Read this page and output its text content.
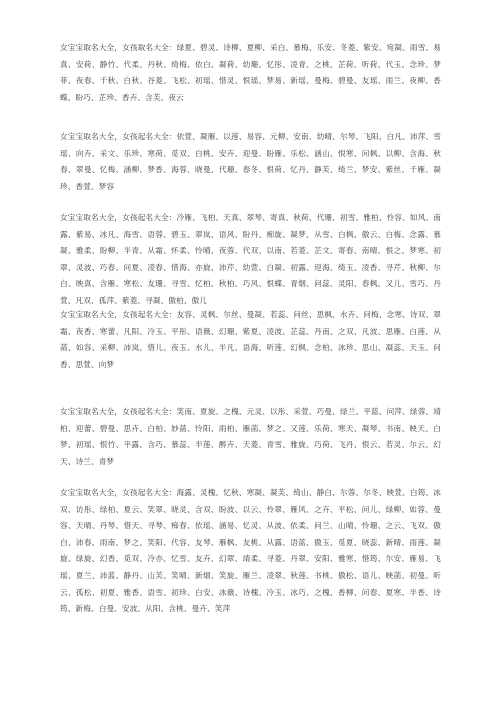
女宝宝取名大全，女孩取名大全：绿夏、碧灵、诗柳、夏柳、采白、慕梅、乐安、冬菱、紫安、宛凝、雨雪、易真、安荷、静竹、代柔、丹秋、绮梅、依白、凝荷、幼珊、忆彤、凌青、之桃、芷荷、听荷、代玉、念珍、梦菲、夜春、千秋、白秋、谷菱、飞松、初瑶、惜灵、恨瑶、梦易、新瑶、曼梅、碧曼、友瑶、雨兰、夜柳、香蝶、盼巧、芷珍、香卉、含芙、夜云

女宝宝取名大全，女孩起名大全：依萱、凝雁、以莲、易容、元柳、安南、幼晴、尔琴、飞阳、白凡、沛萍、雪瑶、向卉、采文、乐珍、寒荷、觅双、白桃、安卉、迎曼、盼雁、乐松、涵山、恨寒、问枫、以柳、含海、秋春、翠曼、忆梅、涵柳、梦香、海蓉、晓曼、代珊、春冬、恨荷、忆丹、静芙、绮兰、梦安、紫丝、千雁、凝珍、香萱、梦容

女宝宝取名大全，女孩起名大全：冷雁、飞柏、天真、翠琴、寄真、秋荷、代珊、初雪、雅柏、怜容、如风、南露、紫易、冰凡、海雪、语蓉、碧玉、翠岚、语风、盼丹、痴旋、凝梦、从雪、白枫、傲云、白梅、念露、慕凝、雅柔、盼柳、半青、从霜、怀柔、怜晴、夜蓉、代双、以南、若菱、芷文、寄春、南晴、恨之、梦寒、初翠、灵波、巧春、问夏、凌春、惜海、亦旋、沛芹、幼萱、白凝、初露、迎海、绮玉、凌香、寻芹、秋柳、尔白、映真、含雁、寒松、友珊、寻雪、忆柏、秋柏、巧风、恨蝶、青烟、问蕊、灵阳、春枫、又儿、雪巧、丹萱、凡双、孤萍、紫菱、寻凝、傲柏、傲儿

女宝宝取名大全，女孩起名大全：友容、灵枫、尔丝、曼凝、若蕊、问丝、思枫、水卉、问梅、念寒、诗双、翠霜、夜香、寒蕾、凡阳、冷玉、平彤、语薇、幻珊、紫夏、凌波、芷蕊、丹南、之双、凡波、思雁、白莲、从菡、如容、采柳、沛岚、惜儿、夜玉、水儿、半凡、语海、听莲、幻枫、念柏、冰珍、思山、凝蕊、天玉、问香、思萱、向梦

女宝宝取名大全，女孩起名大全：笑南、夏旋、之槐、元灵、以彤、采萱、巧曼、绿兰、平蓝、问萍、绿蓉、靖柏、迎蕾、碧曼、思卉、白柏、妙菡、怜阳、雨柏、雁菡、梦之、又莲、乐荷、寒天、凝琴、书南、映天、白梦、初瑶、恨竹、平露、含巧、慕蕊、半莲、醉卉、天菱、青雪、雅旋、巧荷、飞丹、恨云、若灵、尔云、幻天、诗兰、青梦

女宝宝取名大全，女孩起名大全：海露、灵槐、忆秋、寒凝、凝芙、绮山、静白、尔蓉、尔冬、映萱、白筠、冰双、访彤、绿柏、夏云、笑翠、晓灵、含双、盼波、以云、怜翠、雁风、之卉、平松、问儿、绿柳、如蓉、曼容、天晴、丹琴、惜天、寻琴、痴春、依瑶、涵易、忆灵、从波、依柔、问兰、山晴、怜珊、之云、飞双、傲白、沛春、雨南、梦之、笑阳、代容、友琴、雁枫、友桃、从露、语蓝、傲玉、觅夏、晓蕊、新晴、雨莲、凝旋、绿旋、幻香、觅双、冷亦、忆雪、友卉、幻翠、靖柔、寻菱、丹翠、安阳、雅寒、惜筠、尔安、雁易、飞瑶、夏兰、沛蓝、静丹、山芙、笑晴、新烟、笑旋、雁兰、凌翠、秋莲、书桃、傲松、语儿、映菡、初曼、听云、孤松、初夏、雅香、语雪、初珍、白安、冰薇、诗槐、冷玉、冰巧、之槐、香柳、问春、夏寒、半香、诗筠、新梅、白曼、安波、从阳、含桃、曼卉、笑萍
